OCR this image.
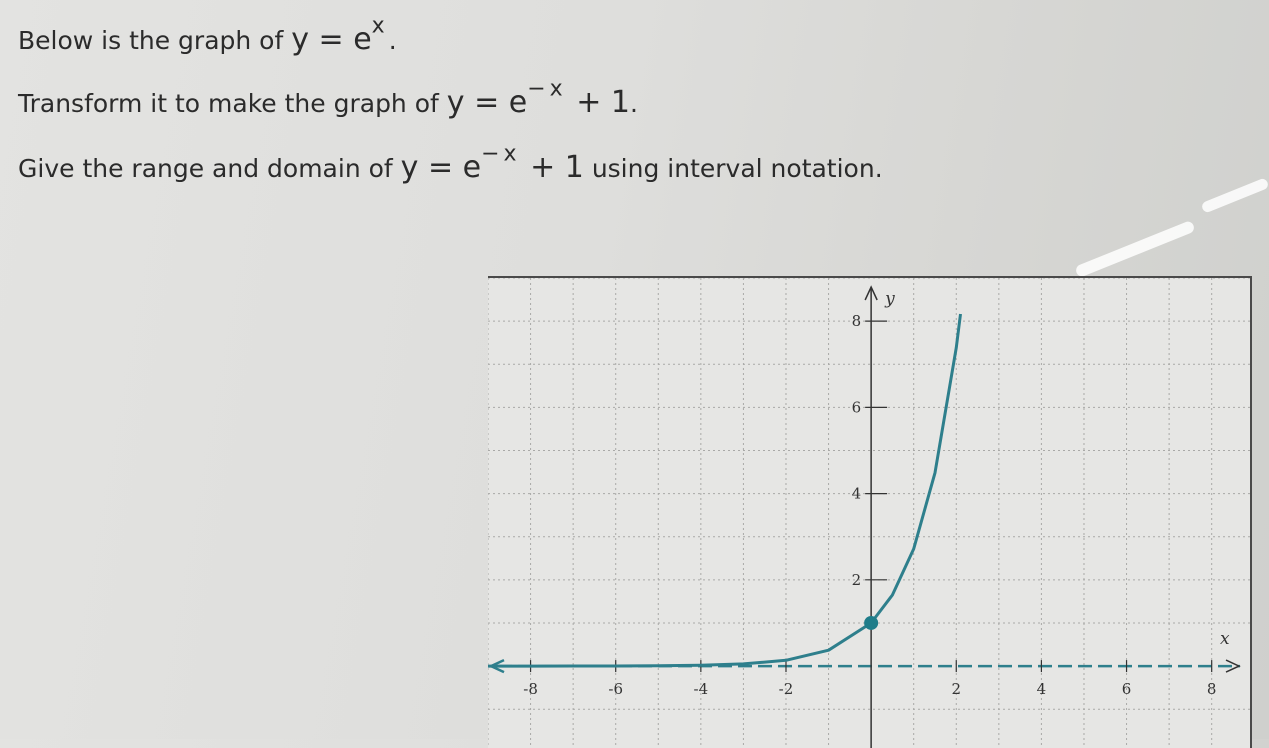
Below is the graph of $y = e^x$.
Transform it to make the graph of $y = e^{-x} + 1$.
Give the range and domain of $y = e^{-x} + 1$ using interval notation.
-8	-6	-4	-2	2	4	6	8
2
4
6
8
x
y
